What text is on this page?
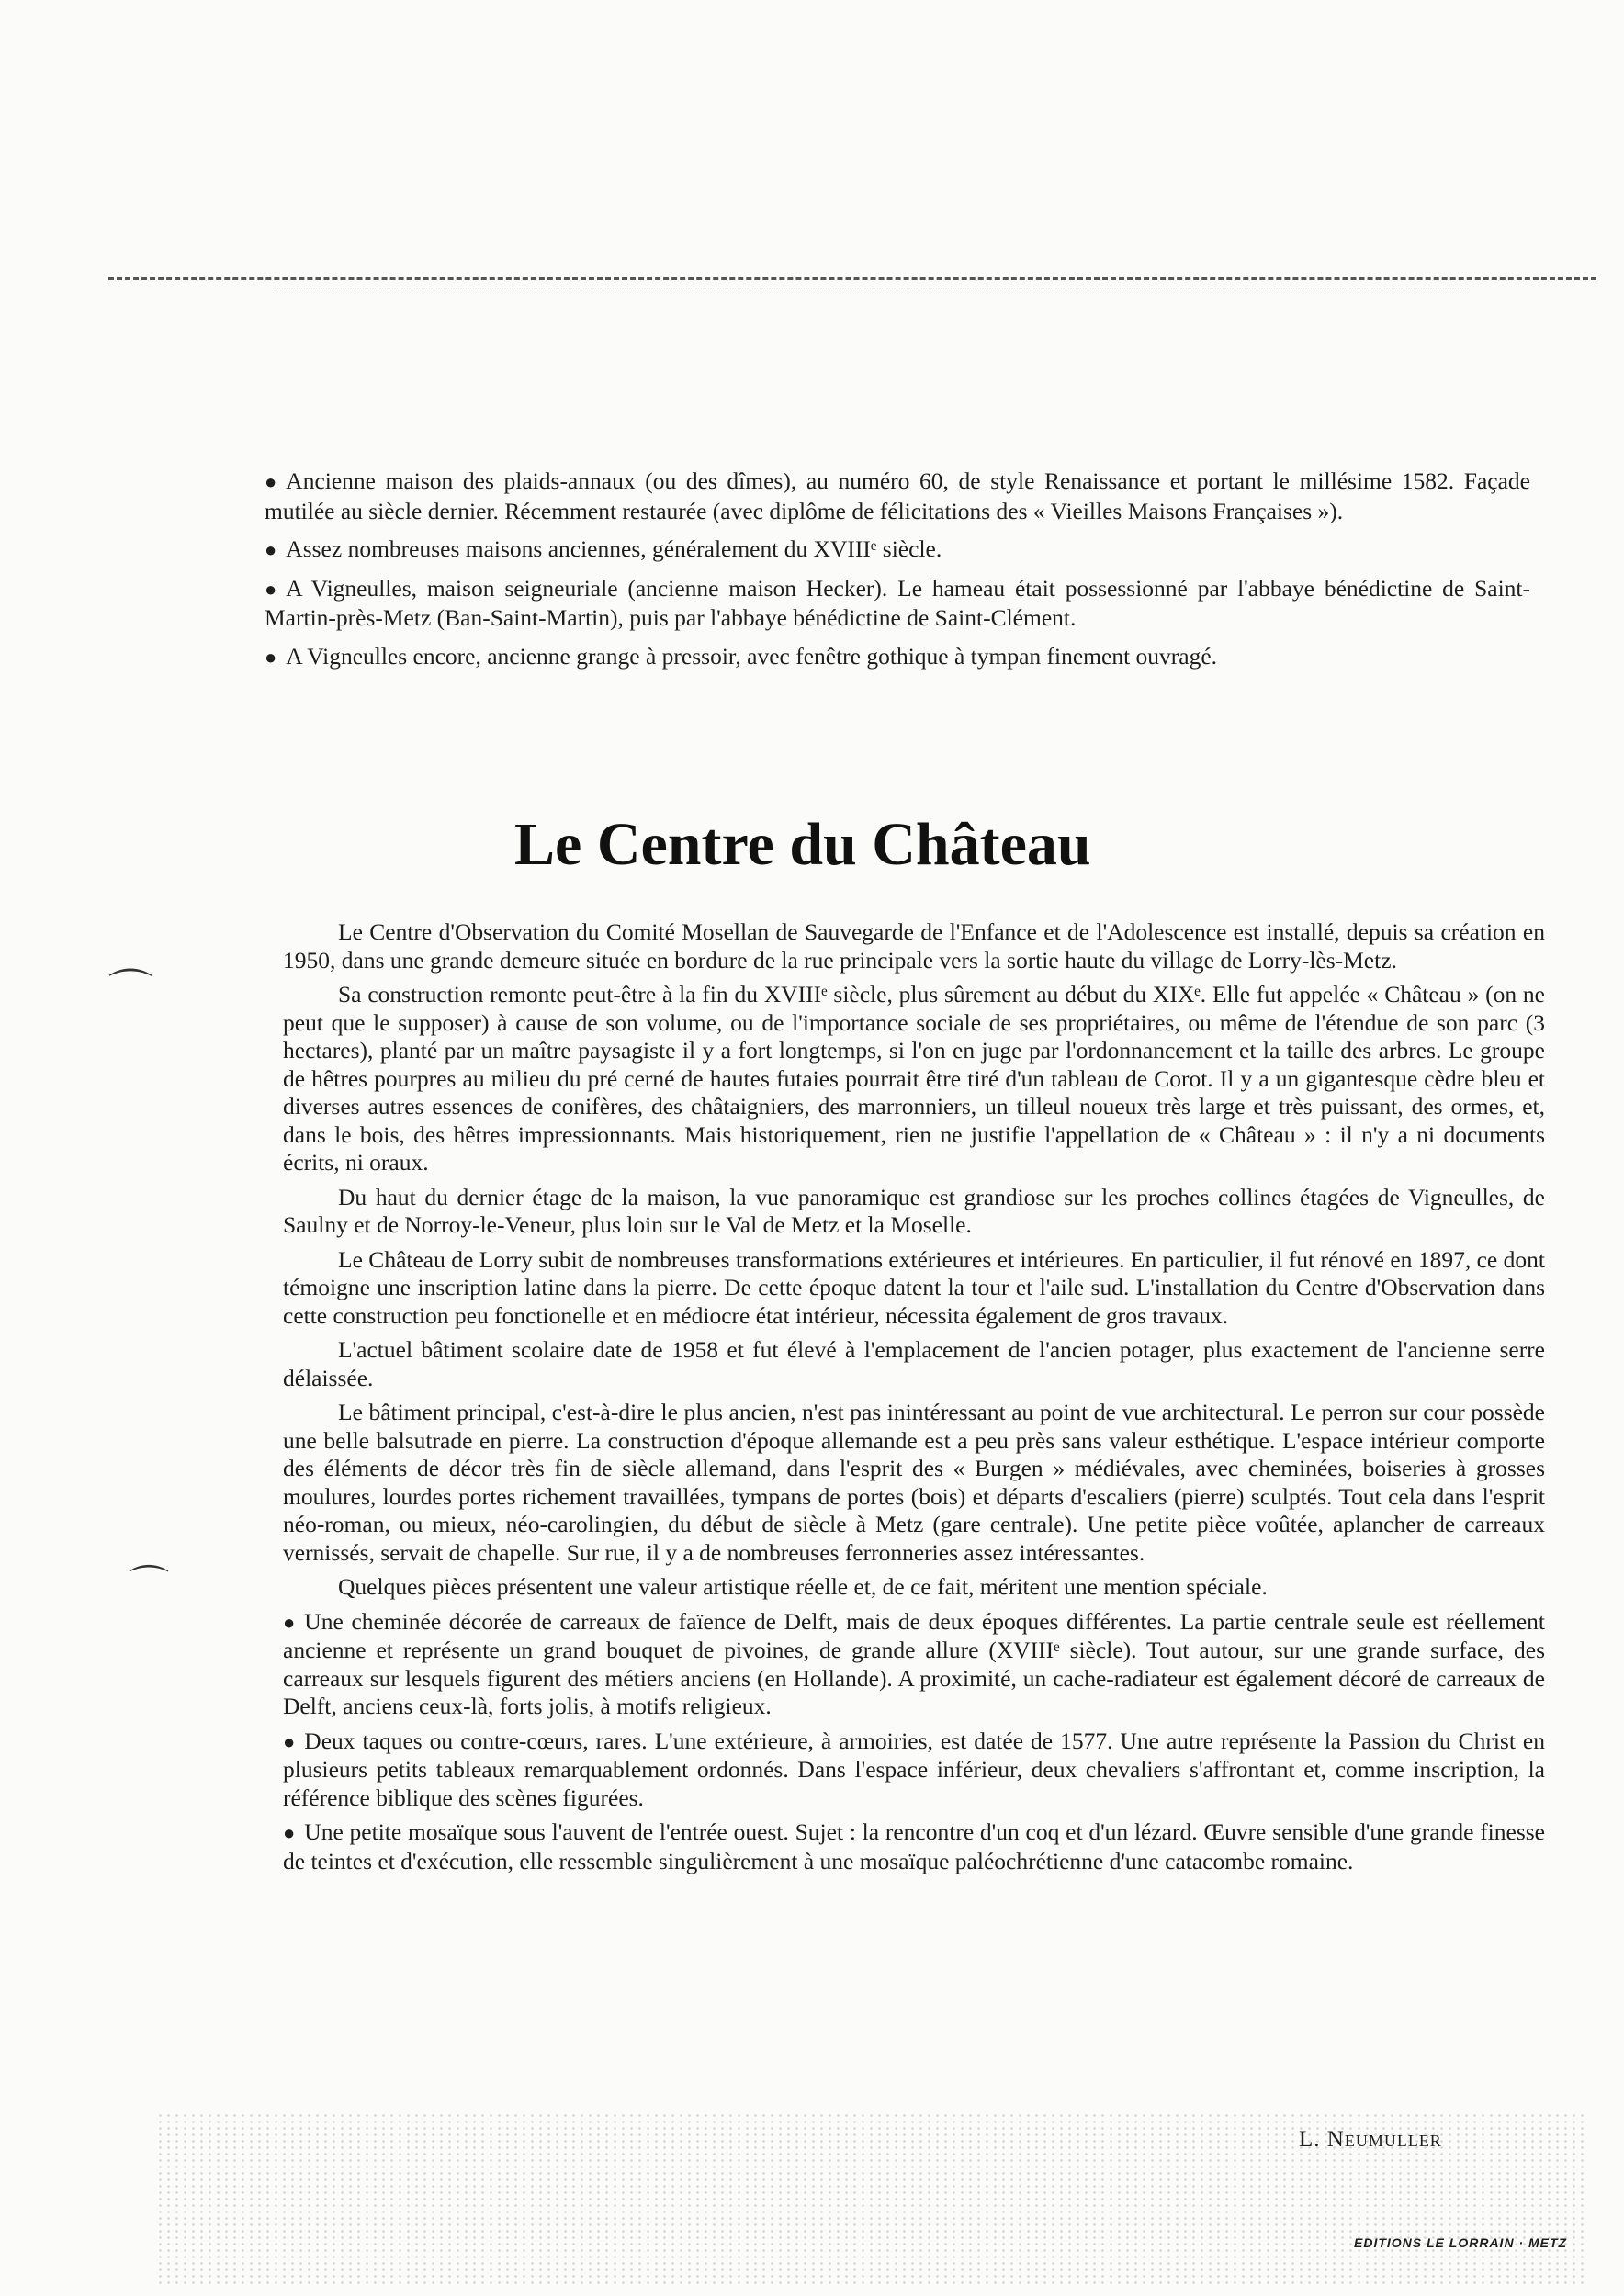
⌒
⌒

● Ancienne maison des plaids-annaux (ou des dîmes), au numéro 60, de style Renaissance et portant le millésime 1582. Façade mutilée au siècle dernier. Récemment restaurée (avec diplôme de félicitations des « Vieilles Maisons Françaises »).

● Assez nombreuses maisons anciennes, généralement du XVIIIᵉ siècle.

● A Vigneulles, maison seigneuriale (ancienne maison Hecker). Le hameau était possessionné par l'abbaye bénédictine de Saint-Martin-près-Metz (Ban-Saint-Martin), puis par l'abbaye bénédictine de Saint-Clément.

● A Vigneulles encore, ancienne grange à pressoir, avec fenêtre gothique à tympan finement ouvragé.

Le Centre du Château

Le Centre d'Observation du Comité Mosellan de Sauvegarde de l'Enfance et de l'Adolescence est installé, depuis sa création en 1950, dans une grande demeure située en bordure de la rue principale vers la sortie haute du village de Lorry-lès-Metz.

Sa construction remonte peut-être à la fin du XVIIIᵉ siècle, plus sûrement au début du XIXᵉ. Elle fut appelée « Château » (on ne peut que le supposer) à cause de son volume, ou de l'importance sociale de ses propriétaires, ou même de l'étendue de son parc (3 hectares), planté par un maître paysagiste il y a fort longtemps, si l'on en juge par l'ordonnancement et la taille des arbres. Le groupe de hêtres pourpres au milieu du pré cerné de hautes futaies pourrait être tiré d'un tableau de Corot. Il y a un gigantesque cèdre bleu et diverses autres essences de conifères, des châtaigniers, des marronniers, un tilleul noueux très large et très puissant, des ormes, et, dans le bois, des hêtres impressionnants. Mais historiquement, rien ne justifie l'appellation de « Château » : il n'y a ni documents écrits, ni oraux.

Du haut du dernier étage de la maison, la vue panoramique est grandiose sur les proches collines étagées de Vigneulles, de Saulny et de Norroy-le-Veneur, plus loin sur le Val de Metz et la Moselle.

Le Château de Lorry subit de nombreuses transformations extérieures et intérieures. En particulier, il fut rénové en 1897, ce dont témoigne une inscription latine dans la pierre. De cette époque datent la tour et l'aile sud. L'installation du Centre d'Observation dans cette construction peu fonctionelle et en médiocre état intérieur, nécessita également de gros travaux.

L'actuel bâtiment scolaire date de 1958 et fut élevé à l'emplacement de l'ancien potager, plus exactement de l'ancienne serre délaissée.

Le bâtiment principal, c'est-à-dire le plus ancien, n'est pas inintéressant au point de vue architectural. Le perron sur cour possède une belle balsutrade en pierre. La construction d'époque allemande est a peu près sans valeur esthétique. L'espace intérieur comporte des éléments de décor très fin de siècle allemand, dans l'esprit des « Burgen » médiévales, avec cheminées, boiseries à grosses moulures, lourdes portes richement travaillées, tympans de portes (bois) et départs d'escaliers (pierre) sculptés. Tout cela dans l'esprit néo-roman, ou mieux, néo-carolingien, du début de siècle à Metz (gare centrale). Une petite pièce voûtée, aplancher de carreaux vernissés, servait de chapelle. Sur rue, il y a de nombreuses ferronneries assez intéressantes.

Quelques pièces présentent une valeur artistique réelle et, de ce fait, méritent une mention spéciale.

● Une cheminée décorée de carreaux de faïence de Delft, mais de deux époques différentes. La partie centrale seule est réellement ancienne et représente un grand bouquet de pivoines, de grande allure (XVIIIᵉ siècle). Tout autour, sur une grande surface, des carreaux sur lesquels figurent des métiers anciens (en Hollande). A proximité, un cache-radiateur est également décoré de carreaux de Delft, anciens ceux-là, forts jolis, à motifs religieux.

● Deux taques ou contre-cœurs, rares. L'une extérieure, à armoiries, est datée de 1577. Une autre représente la Passion du Christ en plusieurs petits tableaux remarquablement ordonnés. Dans l'espace inférieur, deux chevaliers s'affrontant et, comme inscription, la référence biblique des scènes figurées.

● Une petite mosaïque sous l'auvent de l'entrée ouest. Sujet : la rencontre d'un coq et d'un lézard. Œuvre sensible d'une grande finesse de teintes et d'exécution, elle ressemble singulièrement à une mosaïque paléochrétienne d'une catacombe romaine.

L. Neumuller
EDITIONS LE LORRAIN · METZ
